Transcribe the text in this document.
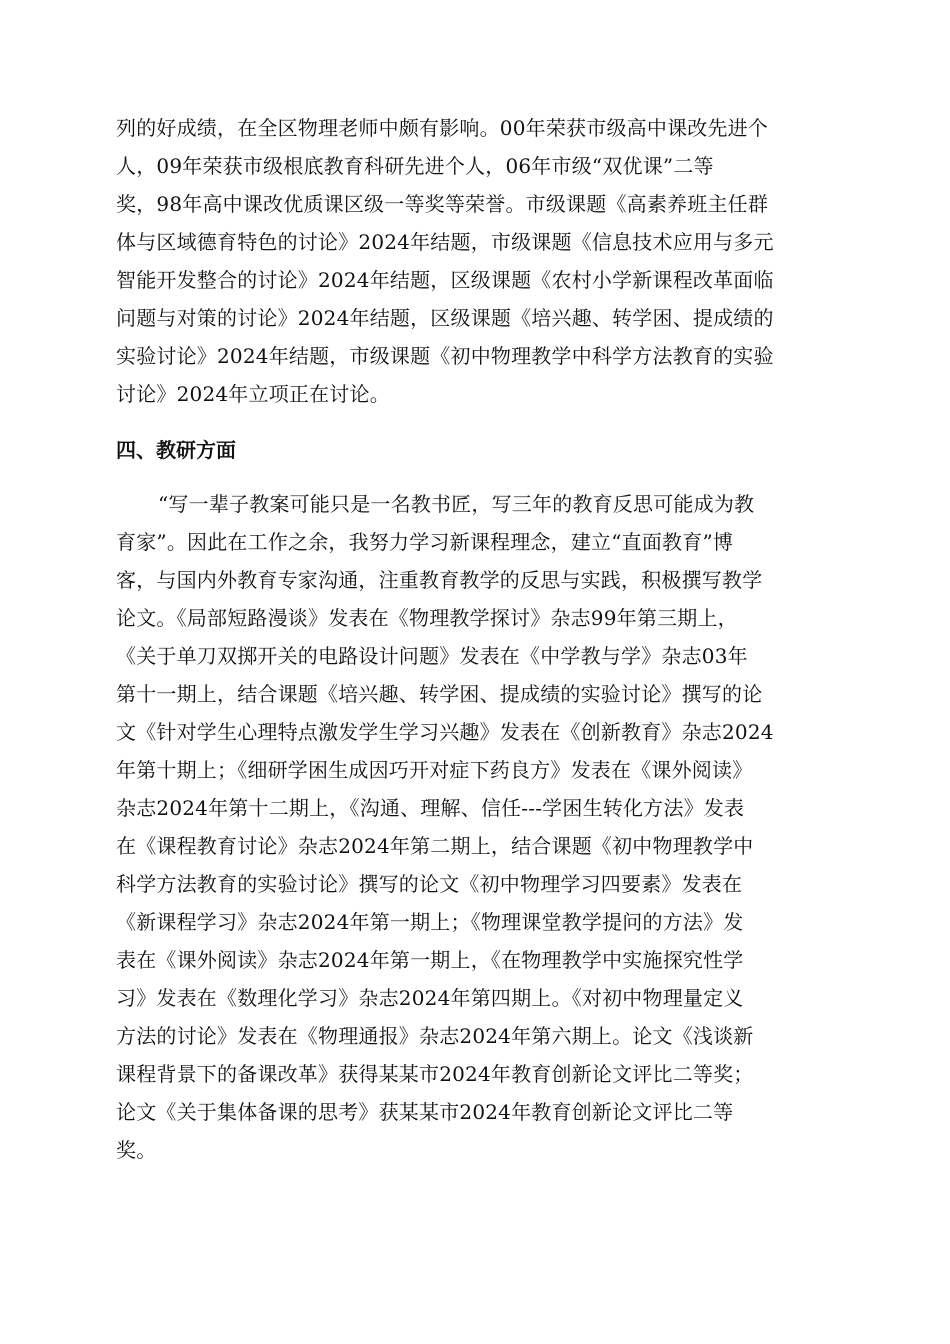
列的好成绩，在全区物理老师中颇有影响。00年荣获市级高中课改先进个
人，09年荣获市级根底教育科研先进个人，06年市级“双优课”二等
奖，98年高中课改优质课区级一等奖等荣誉。市级课题《高素养班主任群
体与区域德育特色的讨论》2024年结题，市级课题《信息技术应用与多元
智能开发整合的讨论》2024年结题，区级课题《农村小学新课程改革面临
问题与对策的讨论》2024年结题，区级课题《培兴趣、转学困、提成绩的
实验讨论》2024年结题，市级课题《初中物理教学中科学方法教育的实验
讨论》2024年立项正在讨论。
四、教研方面
“写一辈子教案可能只是一名教书匠，写三年的教育反思可能成为教
育家”。因此在工作之余，我努力学习新课程理念，建立“直面教育”博
客，与国内外教育专家沟通，注重教育教学的反思与实践，积极撰写教学
论文。《局部短路漫谈》发表在《物理教学探讨》杂志99年第三期上，
《关于单刀双掷开关的电路设计问题》发表在《中学教与学》杂志03年
第十一期上，结合课题《培兴趣、转学困、提成绩的实验讨论》撰写的论
文《针对学生心理特点激发学生学习兴趣》发表在《创新教育》杂志2024
年第十期上；《细研学困生成因巧开对症下药良方》发表在《课外阅读》
杂志2024年第十二期上，《沟通、理解、信任---学困生转化方法》发表
在《课程教育讨论》杂志2024年第二期上，结合课题《初中物理教学中
科学方法教育的实验讨论》撰写的论文《初中物理学习四要素》发表在
《新课程学习》杂志2024年第一期上；《物理课堂教学提问的方法》发
表在《课外阅读》杂志2024年第一期上，《在物理教学中实施探究性学
习》发表在《数理化学习》杂志2024年第四期上。《对初中物理量定义
方法的讨论》发表在《物理通报》杂志2024年第六期上。论文《浅谈新
课程背景下的备课改革》获得某某市2024年教育创新论文评比二等奖；
论文《关于集体备课的思考》获某某市2024年教育创新论文评比二等
奖。
